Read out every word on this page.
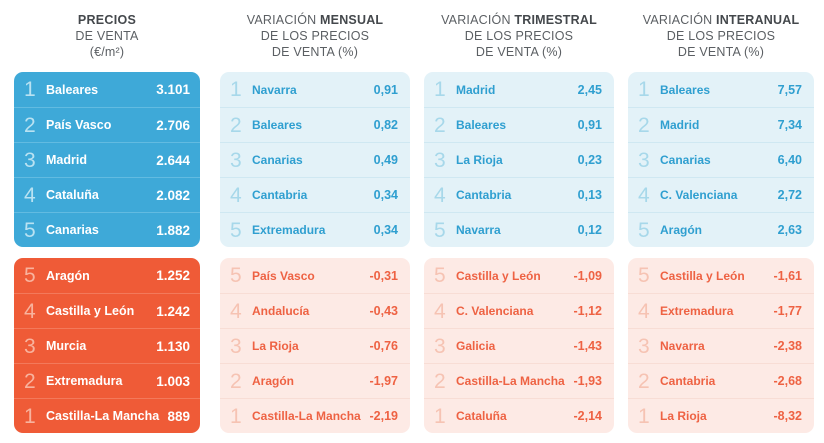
PRECIOS
DE VENTA
(€/m²)
1 Baleares	3.101
2 País Vasco	2.706
3 Madrid	2.644
4 Cataluña	2.082
5 Canarias	1.882
5 Aragón	1.252
4 Castilla y León	1.242
3 Murcia	1.130
2 Extremadura	1.003
1 Castilla-La Mancha 889
VARIACIÓN MENSUAL
DE LOS PRECIOS
DE VENTA (%)
1 Navarra	0,91
2 Baleares	0,82
3 Canarias	0,49
4 Cantabria	0,34
5 Extremadura	0,34
5 País Vasco	-0,31
4 Andalucía	-0,43
3 La Rioja	-0,76
2 Aragón	-1,97
1 Castilla-La Mancha -2,19
VARIACIÓN TRIMESTRAL
DE LOS PRECIOS
DE VENTA (%)
1 Madrid	2,45
2 Baleares	0,91
3 La Rioja	0,23
4 Cantabria	0,13
5 Navarra	0,12
5 Castilla y León	-1,09
4 C. Valenciana	-1,12
3 Galicia	-1,43
2 Castilla-La Mancha -1,93
1 Cataluña	-2,14
VARIACIÓN INTERANUAL
DE LOS PRECIOS
DE VENTA (%)
1 Baleares	7,57
2 Madrid	7,34
3 Canarias	6,40
4 C. Valenciana	2,72
5 Aragón	2,63
5 Castilla y León	-1,61
4 Extremadura	-1,77
3 Navarra	-2,38
2 Cantabria	-2,68
1 La Rioja	-8,32
